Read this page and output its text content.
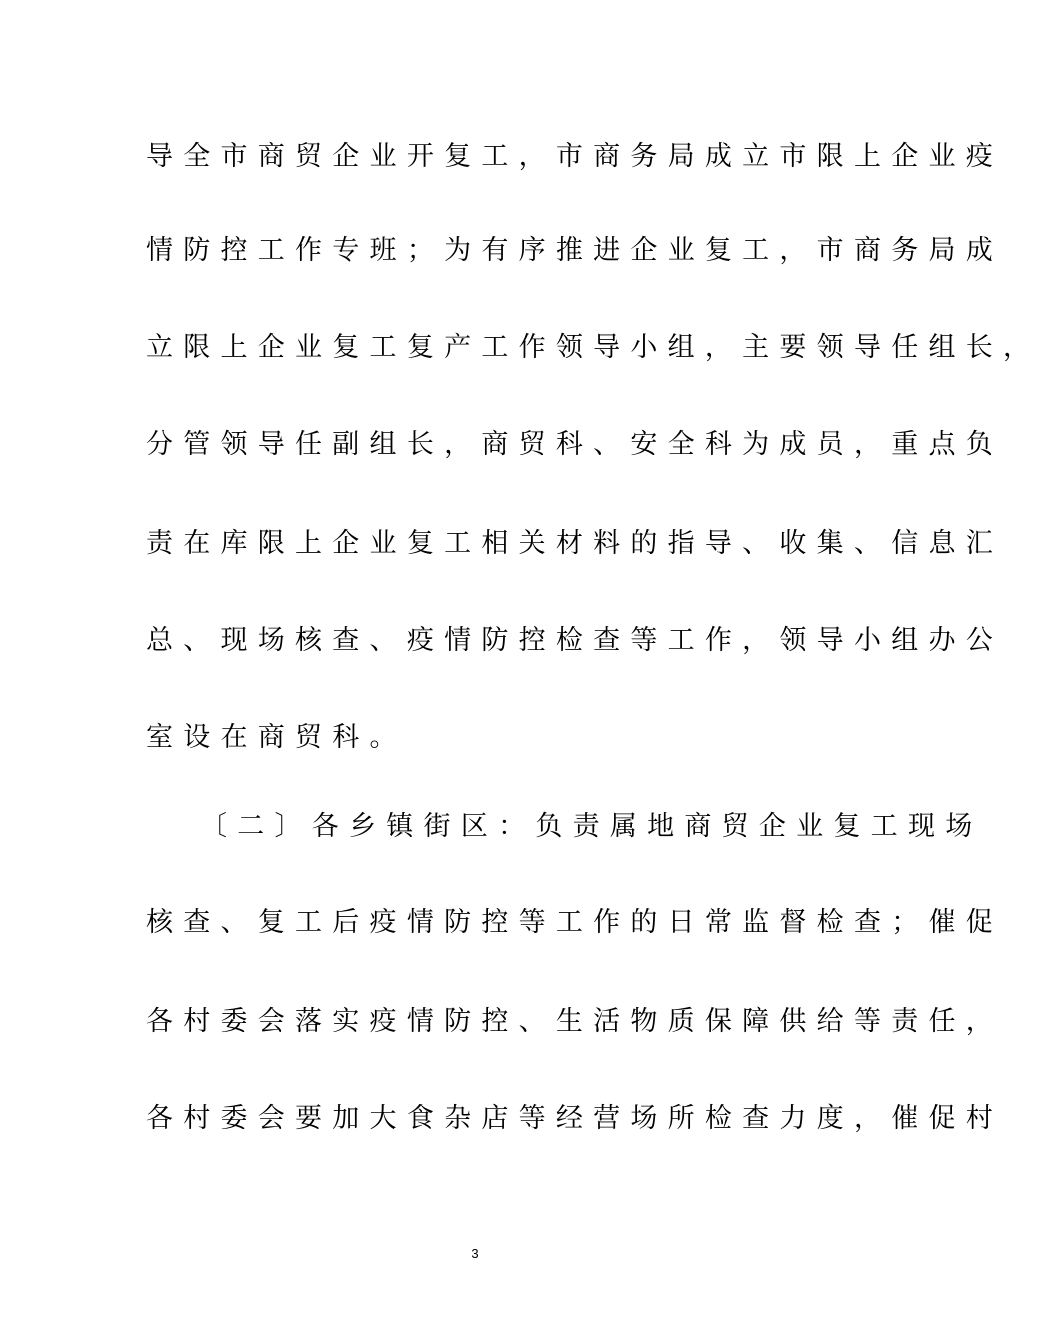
导全市商贸企业开复工，市商务局成立市限上企业疫
情防控工作专班；为有序推进企业复工，市商务局成
立限上企业复工复产工作领导小组，主要领导任组长，
分管领导任副组长，商贸科、安全科为成员，重点负
责在库限上企业复工相关材料的指导、收集、信息汇
总、现场核查、疫情防控检查等工作，领导小组办公
室设在商贸科。
〔二〕各乡镇街区：负责属地商贸企业复工现场
核查、复工后疫情防控等工作的日常监督检查；催促
各村委会落实疫情防控、生活物质保障供给等责任，
各村委会要加大食杂店等经营场所检查力度，催促村
3
